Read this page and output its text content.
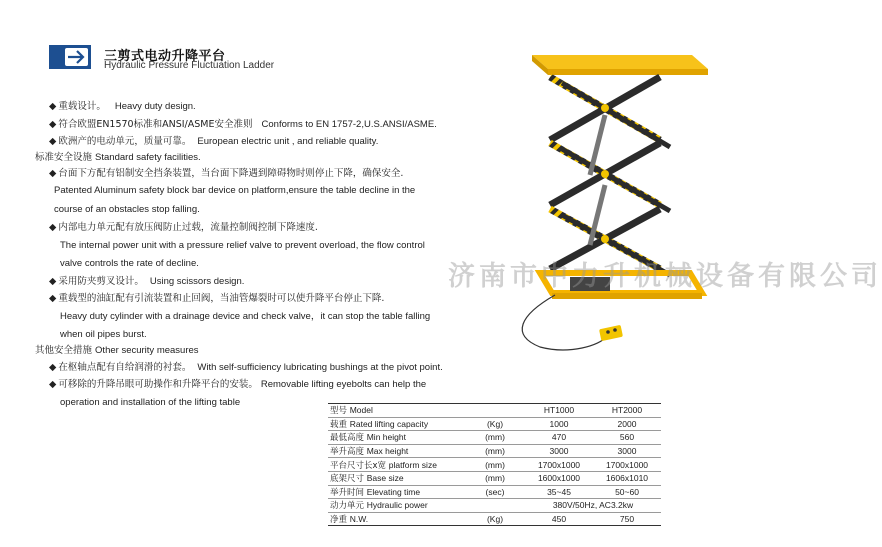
三剪式电动升降平台
Hydraulic Pressure Fluctuation Ladder
◆ 重载设计。 Heavy duty design.
◆ 符合欧盟EN1570标准和ANSI/ASME安全准则 Conforms to EN 1757-2,U.S.ANSI/ASME.
◆ 欧洲产的电动单元，质量可靠。 European electric unit , and reliable quality.
标准安全设施 Standard safety facilities.
◆ 台面下方配有铝制安全挡条装置，当台面下降遇到障碍物时则停止下降，确保安全.
Patented Aluminum safety block bar device on platform,ensure the table decline in the
course of an obstacles stop falling.
◆ 内部电力单元配有放压阀防止过载，流量控制阀控制下降速度.
The internal power unit with a pressure relief valve to prevent overload, the flow control
valve controls the rate of decline.
◆ 采用防夹剪叉设计。 Using scissors design.
◆ 重载型的油缸配有引流装置和止回阀，当油管爆裂时可以使升降平台停止下降.
Heavy duty cylinder with a drainage device and check valve，it can stop the table falling
when oil pipes burst.
其他安全措施 Other security measures
◆ 在枢轴点配有自给润滑的衬套。 With self-sufficiency lubricating bushings at the pivot point.
◆ 可移除的升降吊眼可助操作和升降平台的安装。 Removable lifting eyebolts can help the
operation and installation of the lifting table
济南市中力升机械设备有限公司
型号 Model		HT1000	HT2000
载重 Rated lifting capacity	(Kg)	1000	2000
最低高度 Min height	(mm)	470	560
举升高度 Max height	(mm)	3000	3000
平台尺寸长x宽 platform size	(mm)	1700x1000	1700x1000
底架尺寸 Base size	(mm)	1600x1000	1606x1010
举升时间 Elevating time	(sec)	35~45	50~60
动力单元 Hydraulic power		380V/50Hz, AC3.2kw	
净重 N.W.	(Kg)	450	750
